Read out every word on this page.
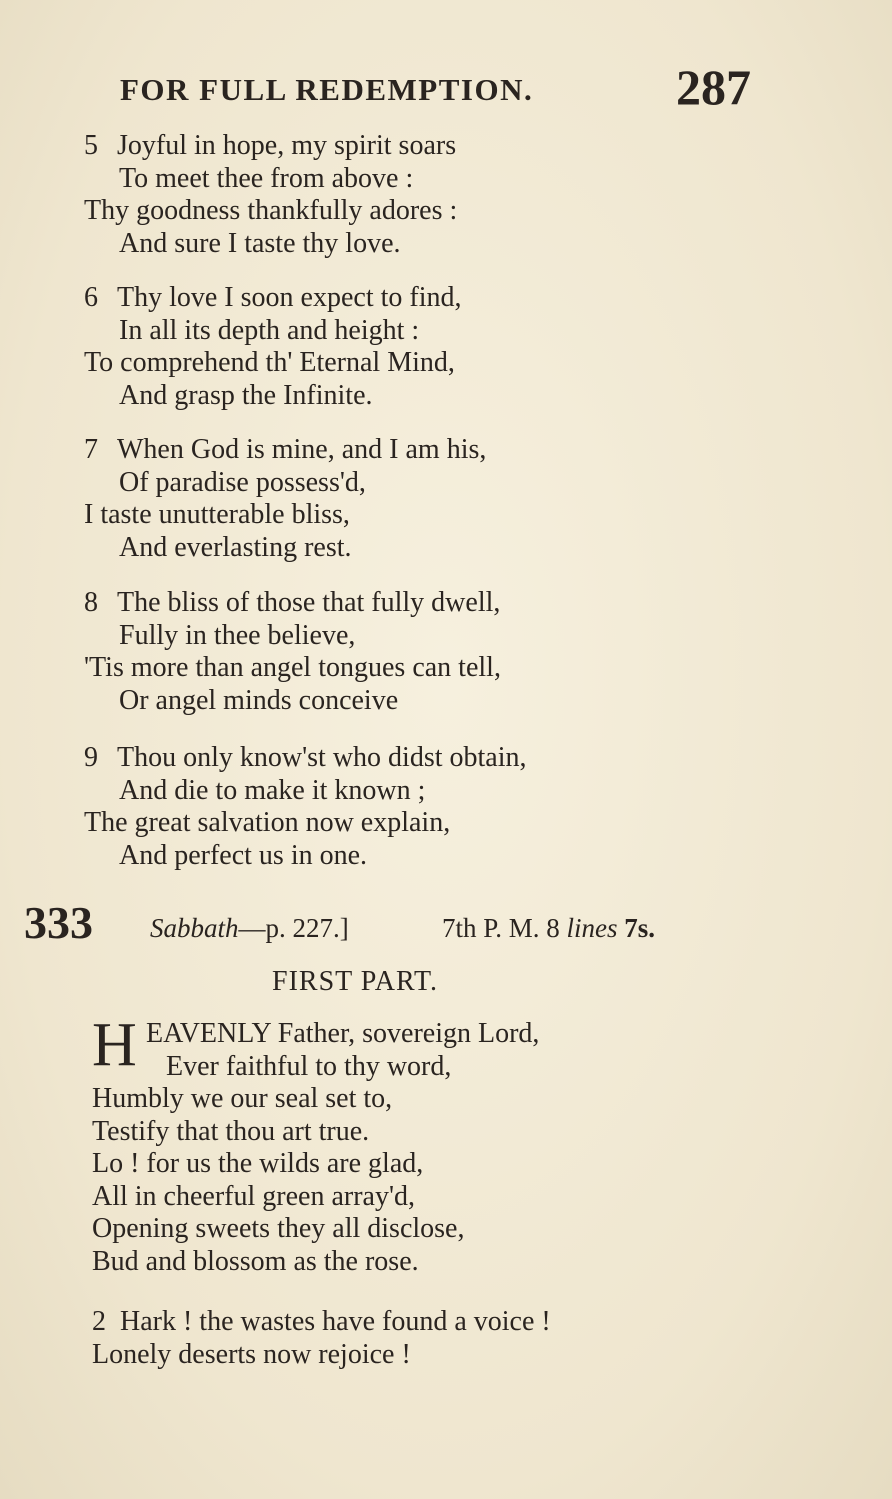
FOR FULL REDEMPTION.	287
5 Joyful in hope, my spirit soars
To meet thee from above :
Thy goodness thankfully adores :
And sure I taste thy love.
6 Thy love I soon expect to find,
In all its depth and height :
To comprehend th' Eternal Mind,
And grasp the Infinite.
7 When God is mine, and I am his,
Of paradise possess'd,
I taste unutterable bliss,
And everlasting rest.
8 The bliss of those that fully dwell,
Fully in thee believe,
'Tis more than angel tongues can tell,
Or angel minds conceive
9 Thou only know'st who didst obtain,
And die to make it known ;
The great salvation now explain,
And perfect us in one.
333 Sabbath—p. 227.]	7th P. M. 8 lines 7s.
FIRST PART.
H EAVENLY Father, sovereign Lord,
Ever faithful to thy word,
Humbly we our seal set to,
Testify that thou art true.
Lo ! for us the wilds are glad,
All in cheerful green array'd,
Opening sweets they all disclose,
Bud and blossom as the rose.
2 Hark ! the wastes have found a voice !
Lonely deserts now rejoice !
